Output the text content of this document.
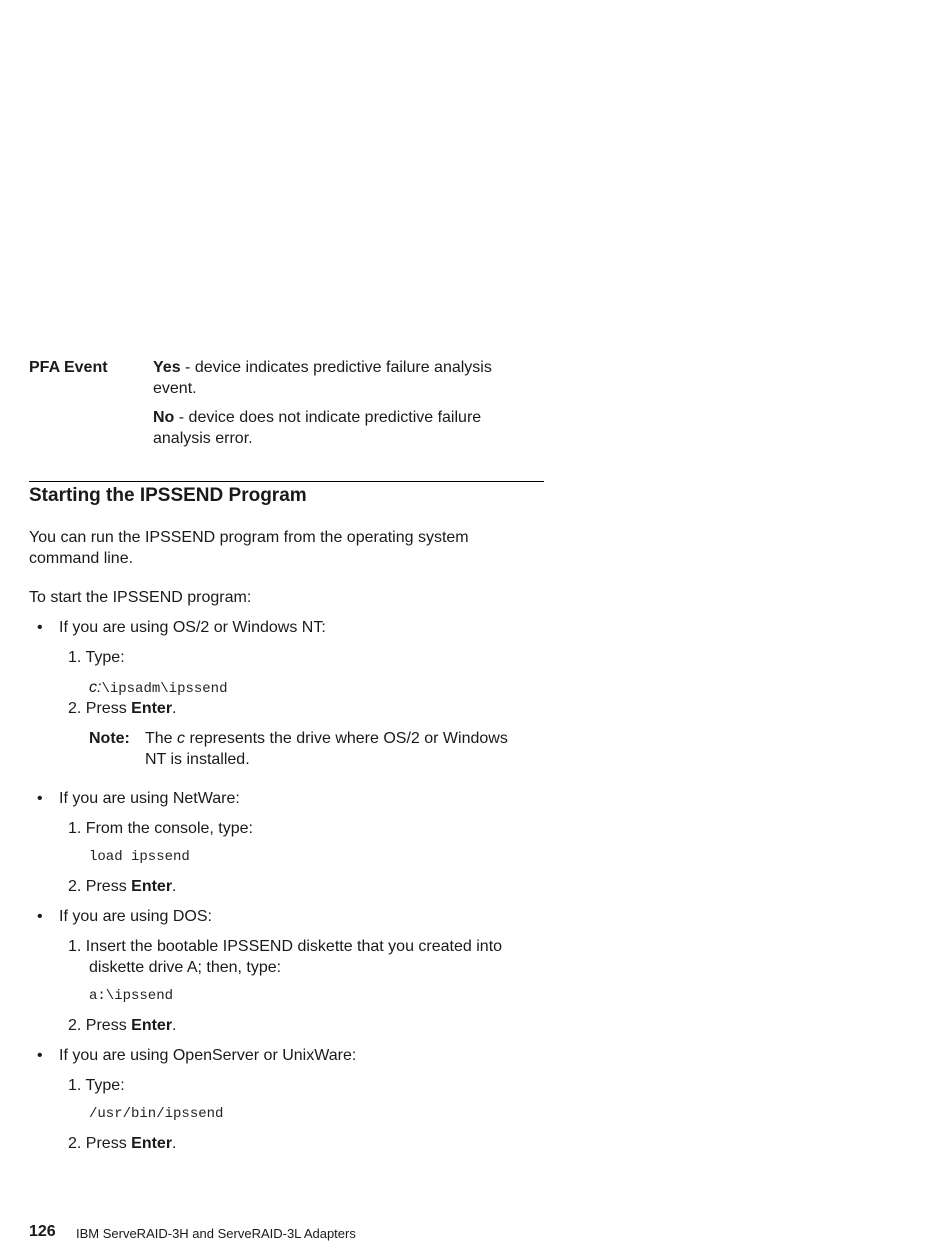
PFA Event	Yes - device indicates predictive failure analysis
event.
No - device does not indicate predictive failure
analysis error.
Starting the IPSSEND Program
You can run the IPSSEND program from the operating system
command line.
To start the IPSSEND program:
• If you are using OS/2 or Windows NT:
1. Type:
c:\ipsadm\ipssend
2. Press Enter.
Note: The c represents the drive where OS/2 or Windows
NT is installed.
• If you are using NetWare:
1. From the console, type:
load ipssend
2. Press Enter.
• If you are using DOS:
1. Insert the bootable IPSSEND diskette that you created into
diskette drive A; then, type:
a:\ipssend
2. Press Enter.
• If you are using OpenServer or UnixWare:
1. Type:
/usr/bin/ipssend
2. Press Enter.
126 IBM ServeRAID-3H and ServeRAID-3L Adapters
